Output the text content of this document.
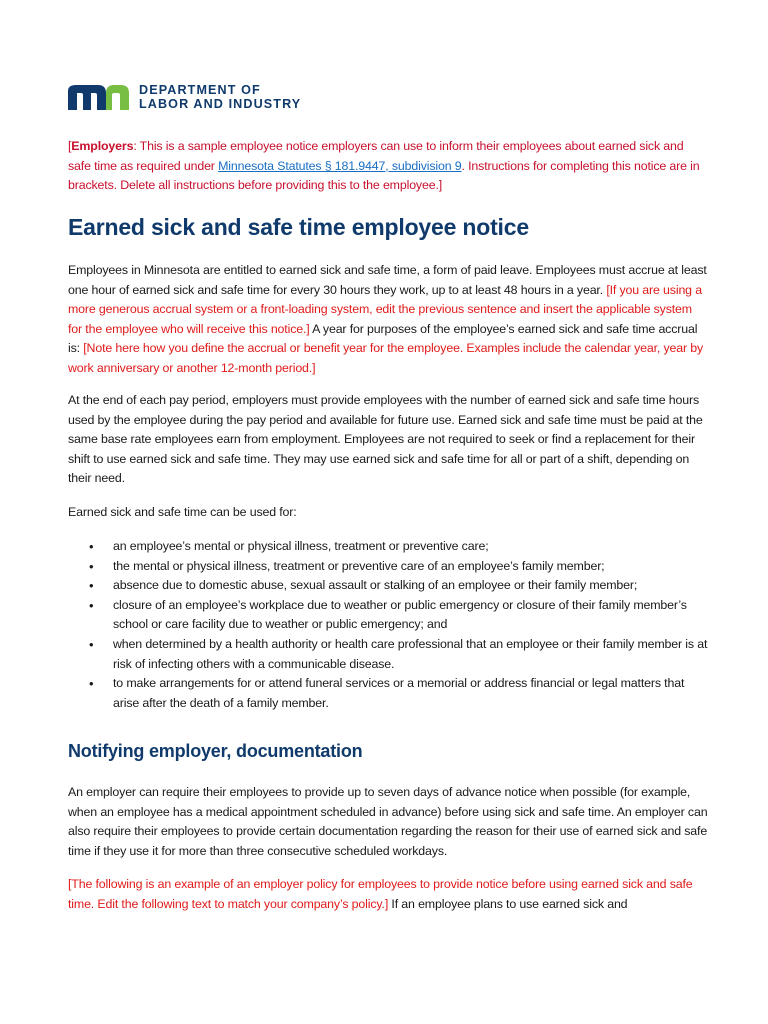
DEPARTMENT OF
LABOR AND INDUSTRY
[Employers: This is a sample employee notice employers can use to inform their employees about earned sick and safe time as required under Minnesota Statutes § 181.9447, subdivision 9. Instructions for completing this notice are in brackets. Delete all instructions before providing this to the employee.]
Earned sick and safe time employee notice
Employees in Minnesota are entitled to earned sick and safe time, a form of paid leave. Employees must accrue at least one hour of earned sick and safe time for every 30 hours they work, up to at least 48 hours in a year. [If you are using a more generous accrual system or a front-loading system, edit the previous sentence and insert the applicable system for the employee who will receive this notice.] A year for purposes of the employee’s earned sick and safe time accrual is: [Note here how you define the accrual or benefit year for the employee. Examples include the calendar year, year by work anniversary or another 12-month period.]
At the end of each pay period, employers must provide employees with the number of earned sick and safe time hours used by the employee during the pay period and available for future use. Earned sick and safe time must be paid at the same base rate employees earn from employment. Employees are not required to seek or find a replacement for their shift to use earned sick and safe time. They may use earned sick and safe time for all or part of a shift, depending on their need.
Earned sick and safe time can be used for:
• an employee’s mental or physical illness, treatment or preventive care;
• the mental or physical illness, treatment or preventive care of an employee’s family member;
• absence due to domestic abuse, sexual assault or stalking of an employee or their family member;
• closure of an employee’s workplace due to weather or public emergency or closure of their family member’s school or care facility due to weather or public emergency; and
• when determined by a health authority or health care professional that an employee or their family member is at risk of infecting others with a communicable disease.
• to make arrangements for or attend funeral services or a memorial or address financial or legal matters that arise after the death of a family member.
Notifying employer, documentation
An employer can require their employees to provide up to seven days of advance notice when possible (for example, when an employee has a medical appointment scheduled in advance) before using sick and safe time. An employer can also require their employees to provide certain documentation regarding the reason for their use of earned sick and safe time if they use it for more than three consecutive scheduled workdays.
[The following is an example of an employer policy for employees to provide notice before using earned sick and safe time. Edit the following text to match your company’s policy.] If an employee plans to use earned sick and
